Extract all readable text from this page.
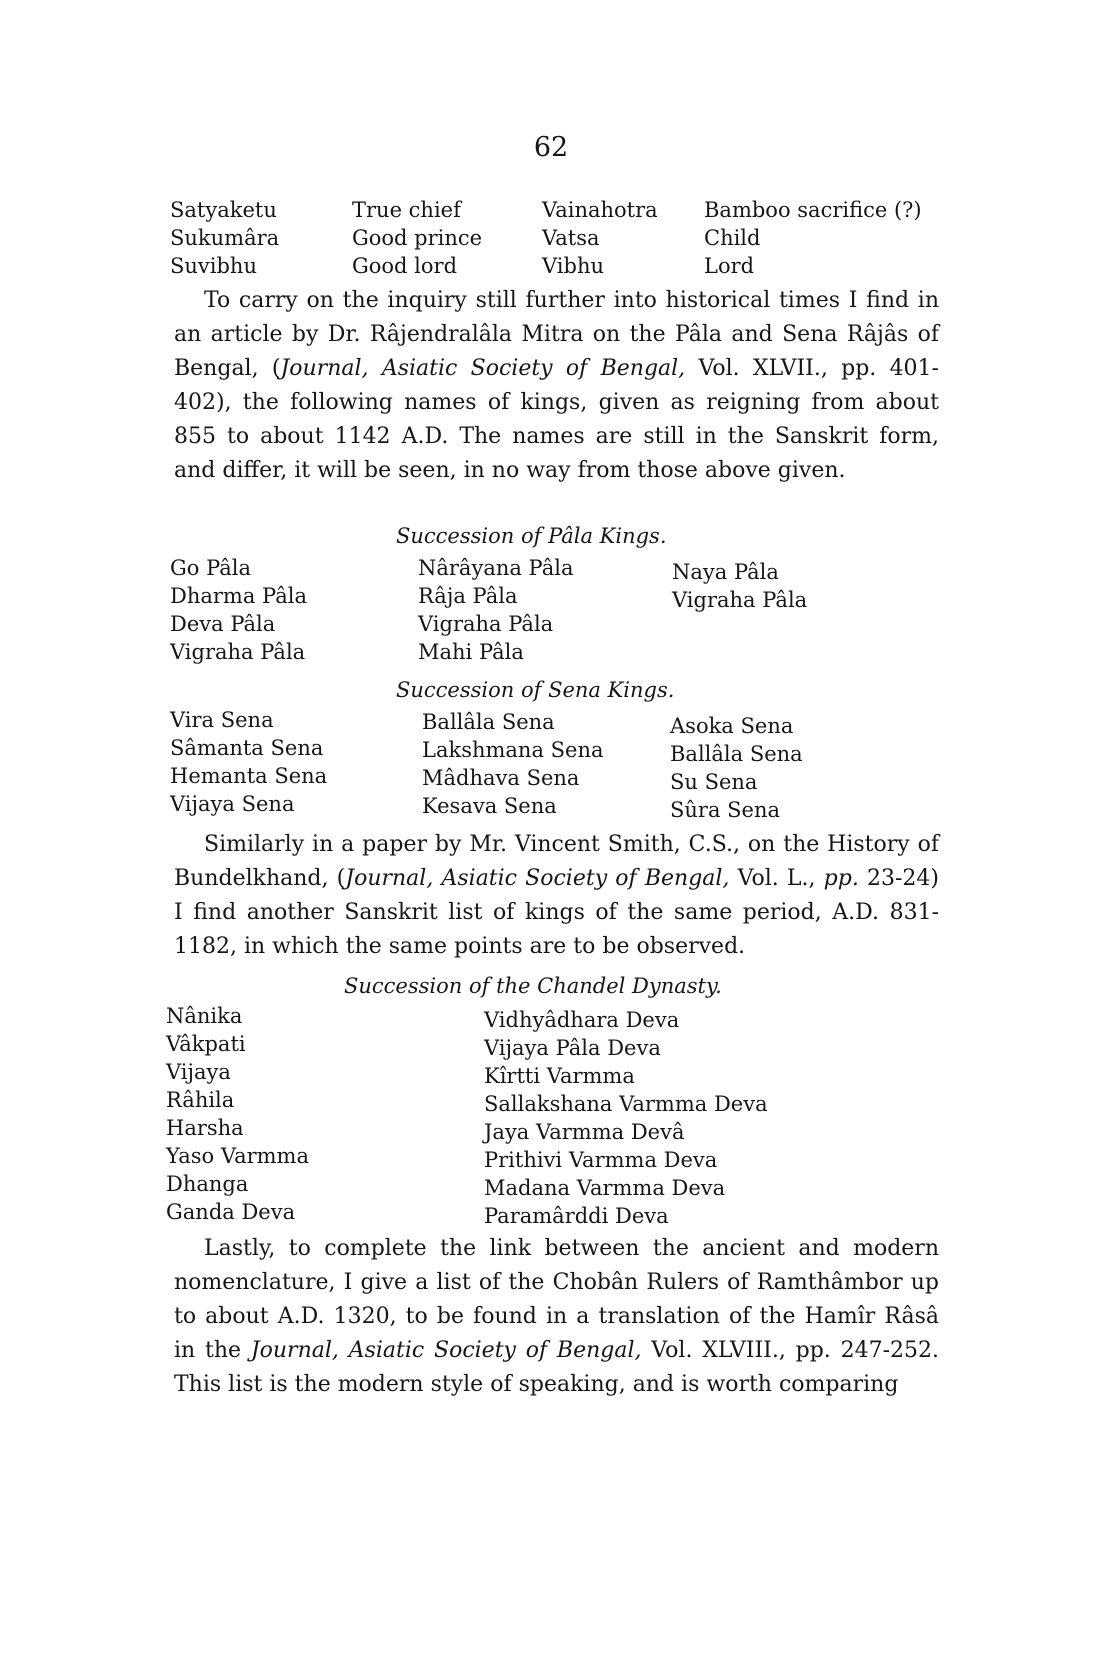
62
Satyaketu
Sukumâra
Suvibhu
True chief
Good prince
Good lord
Vainahotra
Vatsa
Vibhu
Bamboo sacrifice (?)
Child
Lord

To carry on the inquiry still further into historical times I find in an article by Dr. Râjendralâla Mitra on the Pâla and Sena Râjâs of Bengal, (Journal, Asiatic Society of Bengal, Vol. XLVII., pp. 401-402), the following names of kings, given as reigning from about 855 to about 1142 A.D. The names are still in the Sanskrit form, and differ, it will be seen, in no way from those above given.

Succession of Pâla Kings.
Go Pâla
Dharma Pâla
Deva Pâla
Vigraha Pâla
Nârâyana Pâla
Râja Pâla
Vigraha Pâla
Mahi Pâla
Naya Pâla
Vigraha Pâla
Succession of Sena Kings.
Vira Sena
Sâmanta Sena
Hemanta Sena
Vijaya Sena
Ballâla Sena
Lakshmana Sena
Mâdhava Sena
Kesava Sena
Asoka Sena
Ballâla Sena
Su Sena
Sûra Sena

Similarly in a paper by Mr. Vincent Smith, C.S., on the History of Bundelkhand, (Journal, Asiatic Society of Bengal, Vol. L., pp. 23-24) I find another Sanskrit list of kings of the same period, A.D. 831-1182, in which the same points are to be observed.

Succession of the Chandel Dynasty.
Nânika
Vâkpati
Vijaya
Râhila
Harsha
Yaso Varmma
Dhanga
Ganda Deva
Vidhyâdhara Deva
Vijaya Pâla Deva
Kîrtti Varmma
Sallakshana Varmma Deva
Jaya Varmma Devâ
Prithivi Varmma Deva
Madana Varmma Deva
Paramârddi Deva

Lastly, to complete the link between the ancient and modern nomenclature, I give a list of the Chobân Rulers of Ramthâmbor up to about A.D. 1320, to be found in a translation of the Hamîr Râsâ in the Journal, Asiatic Society of Bengal, Vol. XLVIII., pp. 247-252. This list is the modern style of speaking, and is worth comparing
